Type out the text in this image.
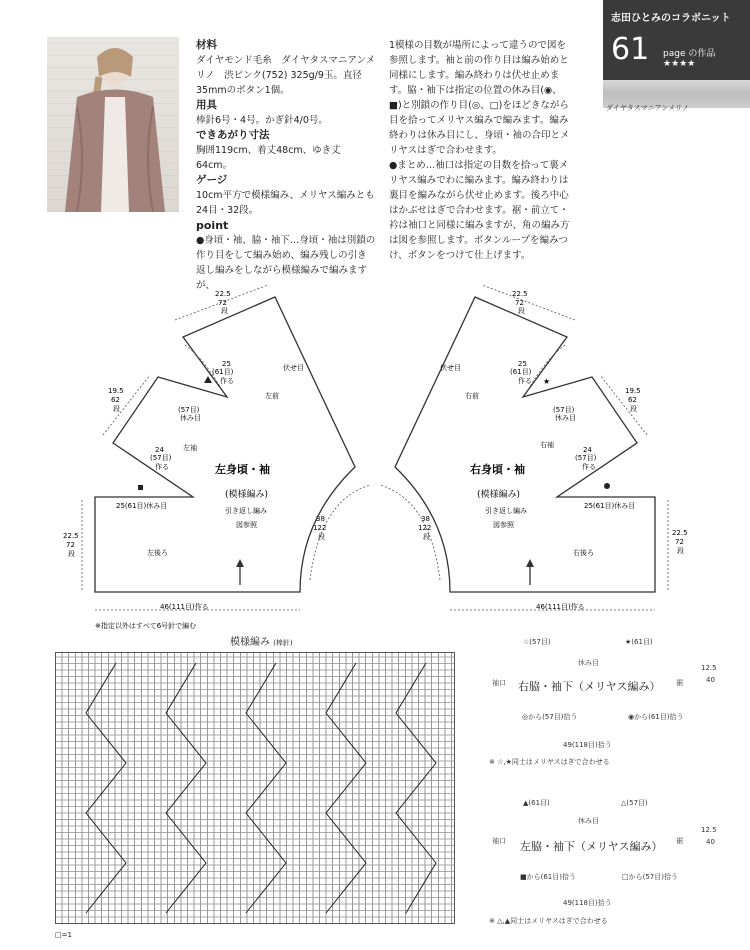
材料

ダイヤモンド毛糸　ダイヤタスマニアンメリノ　渋ピンク(752) 325g/9玉。直径35mmのボタン1個。

用具

棒針6号・4号。かぎ針4/0号。

できあがり寸法

胸囲119cm、着丈48cm、ゆき丈64cm。

ゲージ

10cm平方で模様編み、メリヤス編みとも24目・32段。

point

●身頃・袖、脇・袖下…身頃・袖は別鎖の作り目をして編み始め、編み残しの引き返し編みをしながら模様編みで編みますが、

1模様の目数が場所によって違うので図を参照します。袖と前の作り目は編み始めと同様にします。編み終わりは伏せ止めます。脇・袖下は指定の位置の休み目(◉、■)と別鎖の作り目(◎、□)をほどきながら目を拾ってメリヤス編みで編みます。編み終わりは休み目にし、身頃・袖の合印とメリヤスはぎで合わせます。

●まとめ…袖口は指定の目数を拾って裏メリヤス編みでわに編みます。編み終わりは裏目を編みながら伏せ止めます。後ろ中心はかぶせはぎで合わせます。裾・前立て・衿は袖口と同様に編みますが、角の編み方は図を参照します。ボタンループを編みつけ、ボタンをつけて仕上げます。

志田ひとみのコラボニット
61 page の作品 ★★★★
ダイヤタスマニアンメリノ
22.5
72
段
25
(61目)
作る
伏せ目
左前
(57目)
休み目
19.5
62
段
左袖
24
(57目)
作る	左身頃・袖
(模様編み)
25(61目)休み目
引き返し編み
図参照
22.5
72
段	左後ろ
38
122
段
46(111目)作る
22.5
72
段
25
(61目)
作る
伏せ目
右前
(57目)
休み目
19.5
62
段
右袖
24
(57目)
作る
右身頃・袖
(模様編み)
25(61目)休み目
引き返し編み
図参照
22.5
72
段
右後ろ
38
122
段
46(111目)作る
★
※指定以外はすべて6号針で編む
☆(57目)	★(61目)
休み目
袖口	裾
右脇・袖下（メリヤス編み）
◎から(57目)拾う	◉から(61目)拾う
12.5
40
49(118目)拾う
※ ☆,★同士はメリヤスはぎで合わせる
▲(61目)	△(57目)
休み目
袖口	裾
左脇・袖下（メリヤス編み）
■から(61目)拾う	□から(57目)拾う
12.5
40
49(118目)拾う
※ △,▲同士はメリヤスはぎで合わせる
模様編み (棒針)
□=1
